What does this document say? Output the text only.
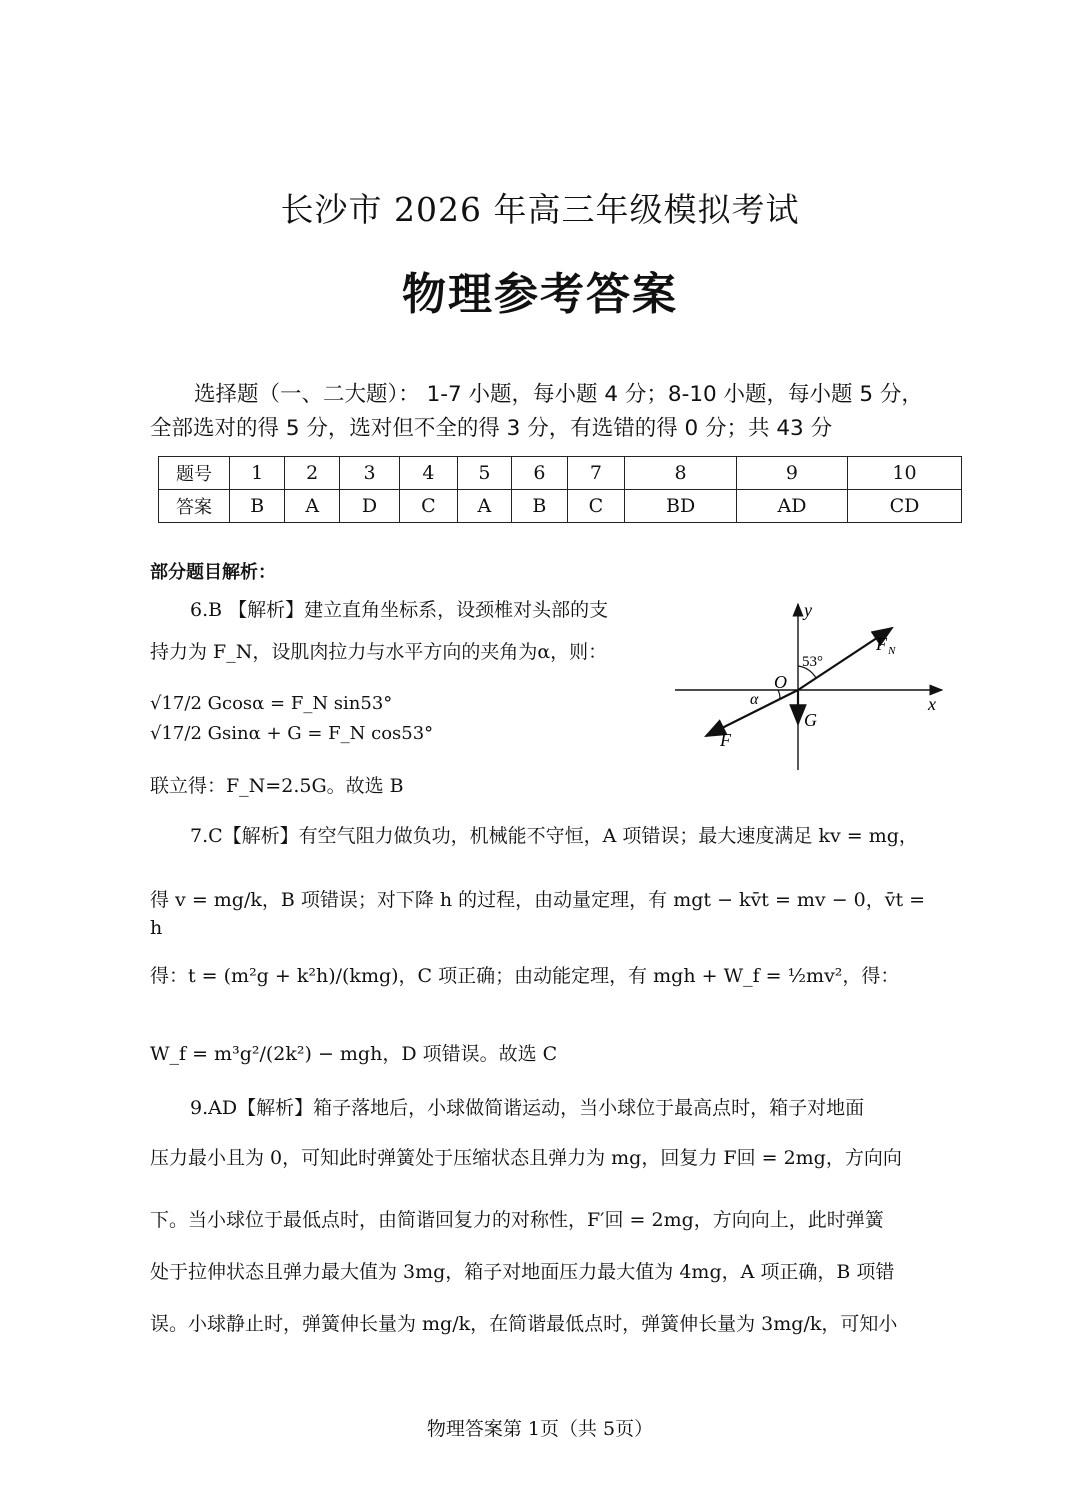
长沙市 2026 年高三年级模拟考试
物理参考答案
选择题（一、二大题）： 1-7 小题，每小题 4 分；8-10 小题，每小题 5 分，全部选对的得 5 分，选对但不全的得 3 分，有选错的得 0 分；共 43 分
题号	1	2	3	4	5	6	7	8	9	10
答案	B	A	D	C	A	B	C	BD	AD	CD
部分题目解析：
6.B 【解析】建立直角坐标系，设颈椎对头部的支
持力为 F_N，设肌肉拉力与水平方向的夹角为α，则：
√17/2 Gcosα = F_N sin53°
√17/2 Gsinα + G = F_N cos53°
联立得：F_N=2.5G。故选 B
y
x
O
53°
α
F N
F
G
7.C【解析】有空气阻力做负功，机械能不守恒，A 项错误；最大速度满足 kv = mg，
得 v = mg/k，B 项错误；对下降 h 的过程，由动量定理，有 mgt − kv̄t = mv − 0，v̄t = h
得：t = (m²g + k²h)/(kmg)，C 项正确；由动能定理，有 mgh + W_f = ½mv²，得：
W_f = m³g²/(2k²) − mgh，D 项错误。故选 C
9.AD【解析】箱子落地后，小球做简谐运动，当小球位于最高点时，箱子对地面
压力最小且为 0，可知此时弹簧处于压缩状态且弹力为 mg，回复力 F回 = 2mg，方向向
下。当小球位于最低点时，由简谐回复力的对称性，F′回 = 2mg，方向向上，此时弹簧
处于拉伸状态且弹力最大值为 3mg，箱子对地面压力最大值为 4mg，A 项正确，B 项错
误。小球静止时，弹簧伸长量为 mg/k，在简谐最低点时，弹簧伸长量为 3mg/k，可知小
物理答案第 1页（共 5页）
